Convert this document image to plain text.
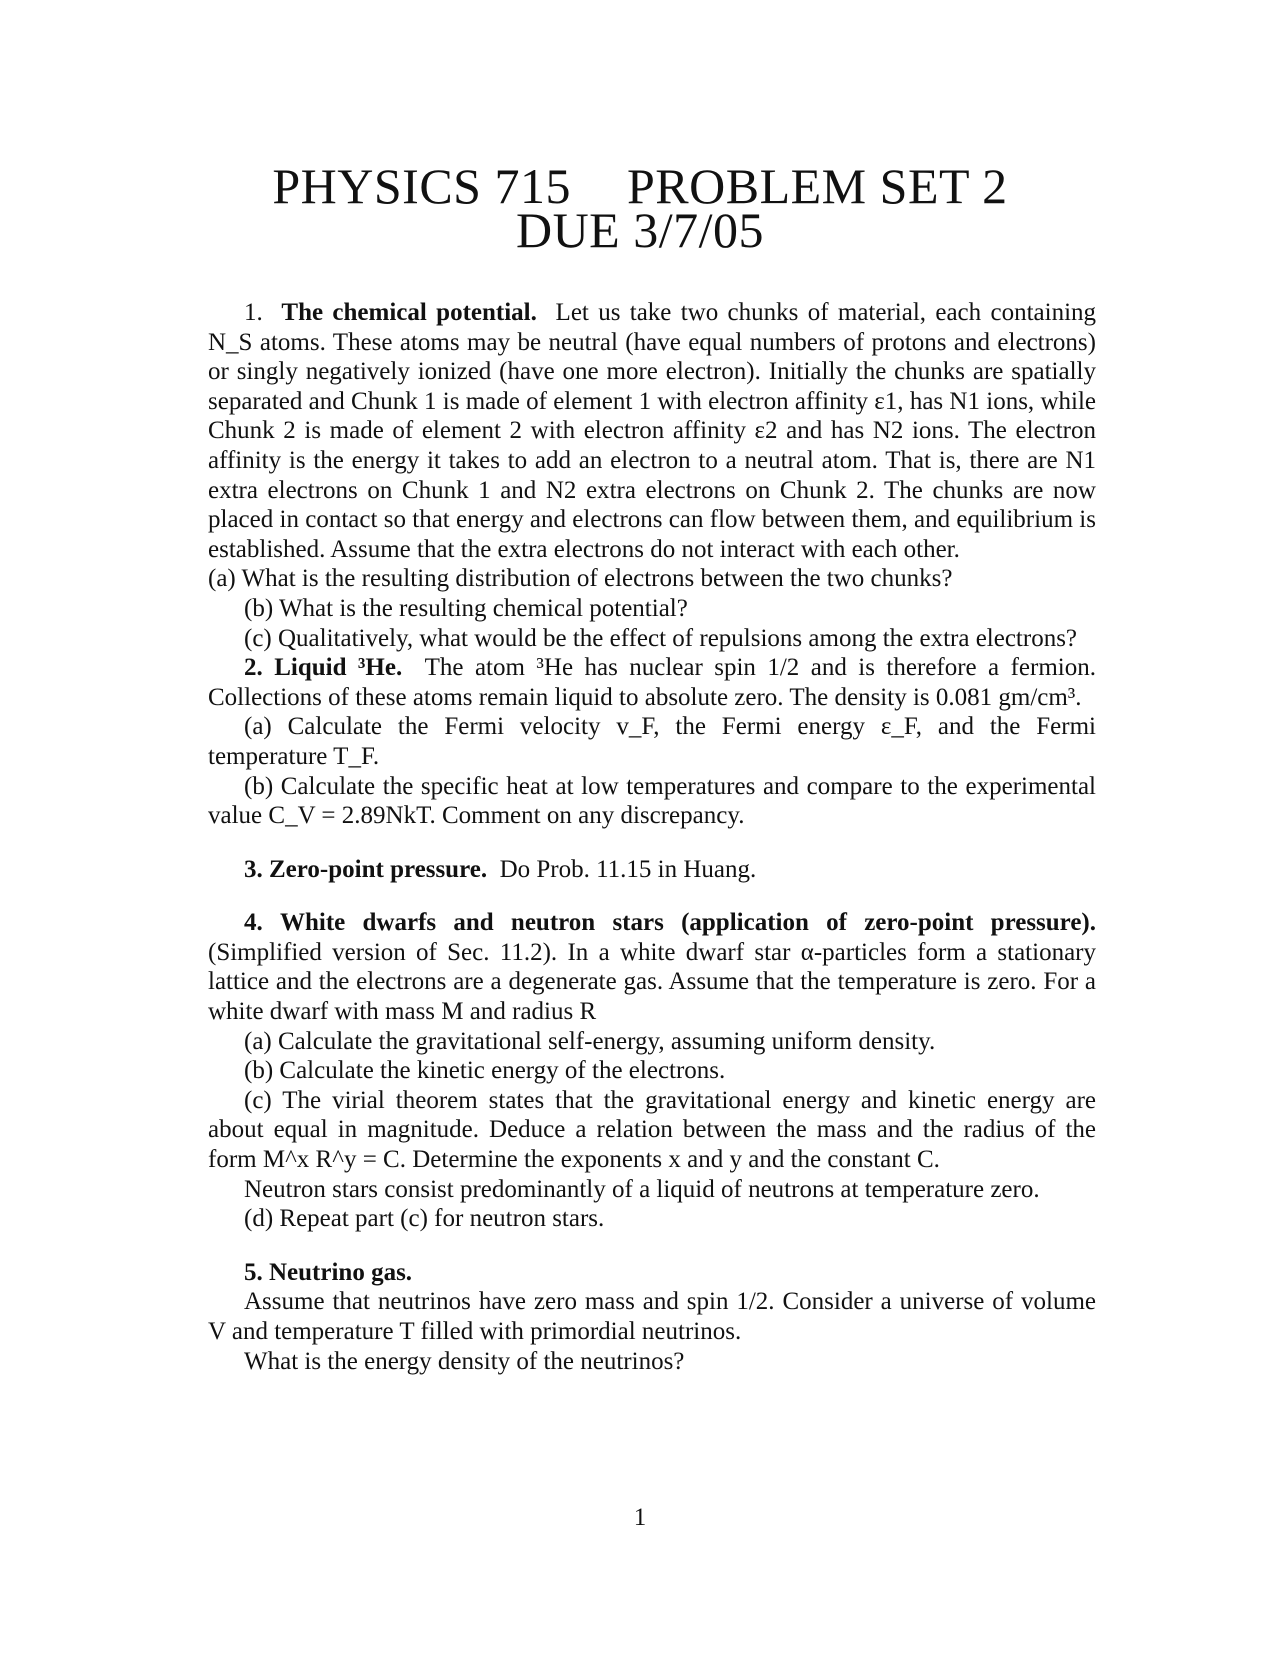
PHYSICS 715 PROBLEM SET 2
DUE 3/7/05

1. The chemical potential. Let us take two chunks of material, each containing N_S atoms. These atoms may be neutral (have equal numbers of protons and electrons) or singly negatively ionized (have one more electron). Initially the chunks are spatially separated and Chunk 1 is made of element 1 with electron affinity ε1, has N1 ions, while Chunk 2 is made of element 2 with electron affinity ε2 and has N2 ions. The electron affinity is the energy it takes to add an electron to a neutral atom. That is, there are N1 extra electrons on Chunk 1 and N2 extra electrons on Chunk 2. The chunks are now placed in contact so that energy and electrons can flow between them, and equilibrium is established. Assume that the extra electrons do not interact with each other.

(a) What is the resulting distribution of electrons between the two chunks?

(b) What is the resulting chemical potential?

(c) Qualitatively, what would be the effect of repulsions among the extra electrons?

2. Liquid ³He. The atom ³He has nuclear spin 1/2 and is therefore a fermion. Collections of these atoms remain liquid to absolute zero. The density is 0.081 gm/cm³.

(a) Calculate the Fermi velocity v_F, the Fermi energy ε_F, and the Fermi temperature T_F.

(b) Calculate the specific heat at low temperatures and compare to the experimental value C_V = 2.89NkT. Comment on any discrepancy.

3. Zero-point pressure. Do Prob. 11.15 in Huang.

4. White dwarfs and neutron stars (application of zero-point pressure). (Simplified version of Sec. 11.2). In a white dwarf star α-particles form a stationary lattice and the electrons are a degenerate gas. Assume that the temperature is zero. For a white dwarf with mass M and radius R

(a) Calculate the gravitational self-energy, assuming uniform density.

(b) Calculate the kinetic energy of the electrons.

(c) The virial theorem states that the gravitational energy and kinetic energy are about equal in magnitude. Deduce a relation between the mass and the radius of the form M^x R^y = C. Determine the exponents x and y and the constant C.

Neutron stars consist predominantly of a liquid of neutrons at temperature zero.

(d) Repeat part (c) for neutron stars.

5. Neutrino gas.

Assume that neutrinos have zero mass and spin 1/2. Consider a universe of volume V and temperature T filled with primordial neutrinos.

What is the energy density of the neutrinos?

1
